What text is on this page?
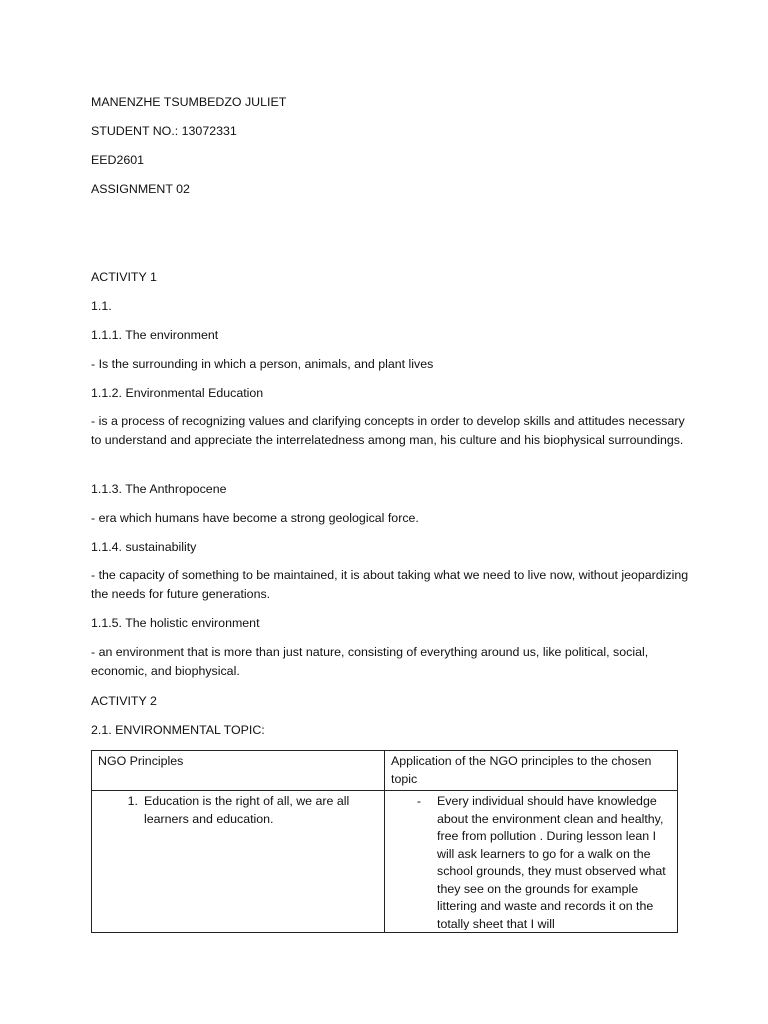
MANENZHE TSUMBEDZO JULIET
STUDENT NO.: 13072331
EED2601
ASSIGNMENT 02
ACTIVITY 1
1.1.
1.1.1. The environment
- Is the surrounding in which a person, animals, and plant lives
1.1.2. Environmental Education
- is a process of recognizing values and clarifying concepts in order to develop skills and attitudes necessary to understand and appreciate the interrelatedness among man, his culture and his biophysical surroundings.
1.1.3. The Anthropocene
- era which humans have become a strong geological force.
1.1.4. sustainability
- the capacity of something to be maintained, it is about taking what we need to live now, without jeopardizing the needs for future generations.
1.1.5. The holistic environment
- an environment that is more than just nature, consisting of everything around us, like political, social, economic, and biophysical.
ACTIVITY 2
2.1. ENVIRONMENTAL TOPIC:
NGO Principles	Application of the NGO principles to the chosen topic

1. Education is the right of all, we are all learners and education.	- Every individual should have knowledge about the environment clean and healthy, free from pollution . During lesson lean I will ask learners to go for a walk on the school grounds, they must observed what they see on the grounds for example littering and waste and records it on the totally sheet that I will
